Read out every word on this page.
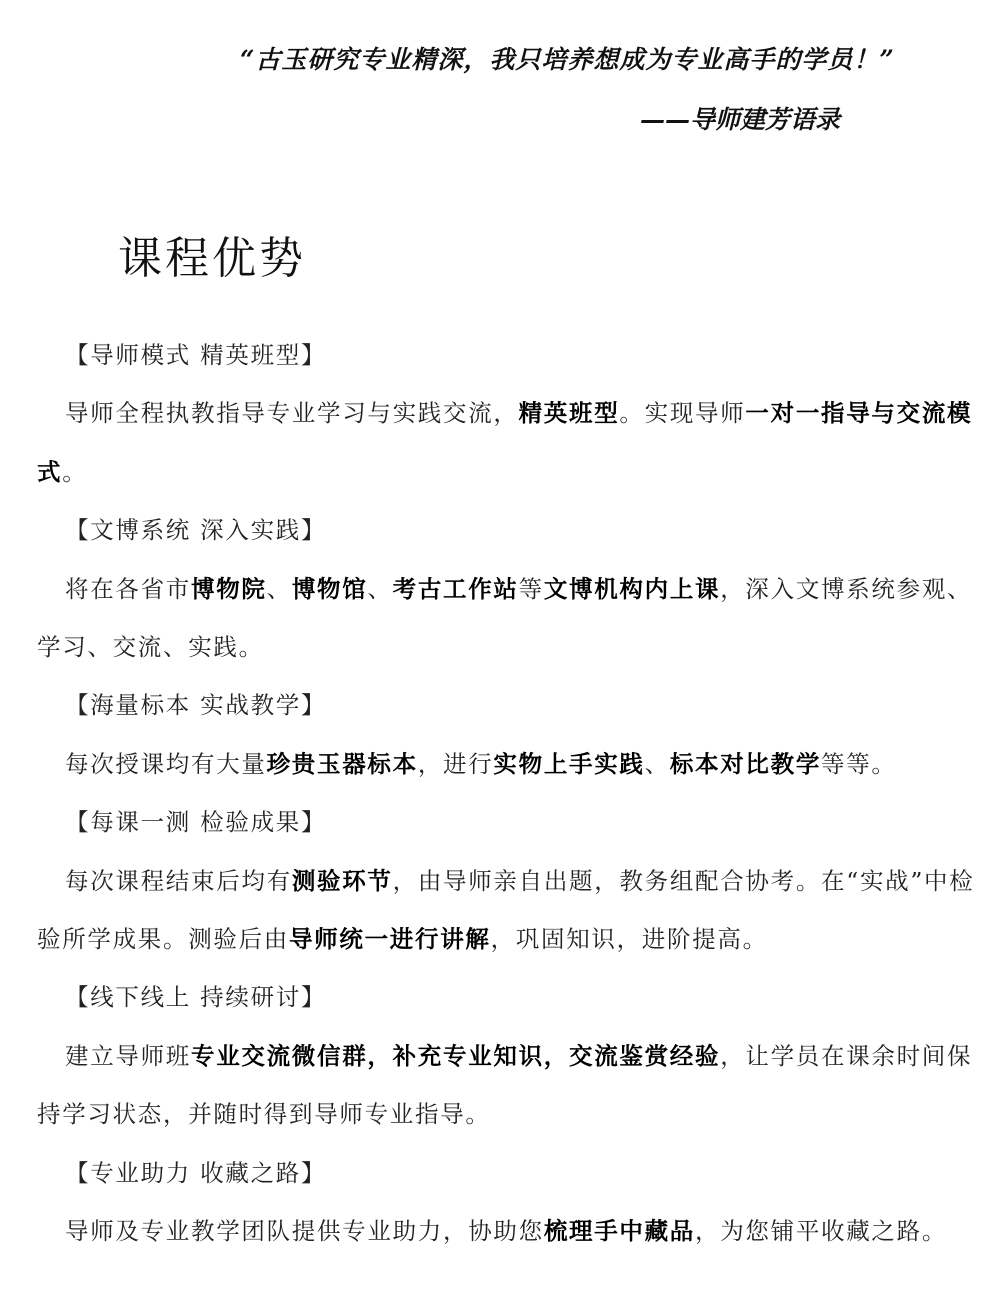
“古玉研究专业精深，我只培养想成为专业高手的学员！”
——导师建芳语录
课程优势

【导师模式 精英班型】

导师全程执教指导专业学习与实践交流，精英班型。实现导师一对一指导与交流模式。

【文博系统 深入实践】

将在各省市博物院、博物馆、考古工作站等文博机构内上课，深入文博系统参观、学习、交流、实践。

【海量标本 实战教学】

每次授课均有大量珍贵玉器标本，进行实物上手实践、标本对比教学等等。

【每课一测 检验成果】

每次课程结束后均有测验环节，由导师亲自出题，教务组配合协考。在“实战”中检验所学成果。测验后由导师统一进行讲解，巩固知识，进阶提高。

【线下线上 持续研讨】

建立导师班专业交流微信群，补充专业知识，交流鉴赏经验，让学员在课余时间保持学习状态，并随时得到导师专业指导。

【专业助力 收藏之路】

导师及专业教学团队提供专业助力，协助您梳理手中藏品，为您铺平收藏之路。
